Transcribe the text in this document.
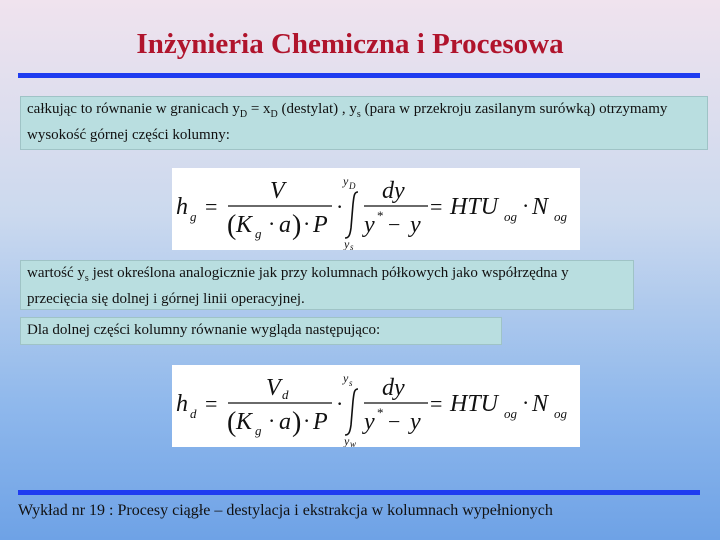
Inżynieria Chemiczna i Procesowa
całkując to równanie w granicach $y_D = x_D$ (destylat) , $y_s$ (para w przekroju zasilanym surówką) otrzymamy wysokość górnej części kolumny:
h g =
V
( K g · a ) · P
·
y D
y s
dy
y * − y
= HTU og · N og
wartość $y_s$ jest określona analogicznie jak przy kolumnach półkowych jako współrzędna y przecięcia się dolnej i górnej linii operacyjnej.
Dla dolnej części kolumny równanie wygląda następująco:
h d =
V d
( K g · a ) · P
·
y s
y w
dy
y * − y
= HTU og · N og
Wykład nr 19 : Procesy ciągłe – destylacja i ekstrakcja w kolumnach wypełnionych
